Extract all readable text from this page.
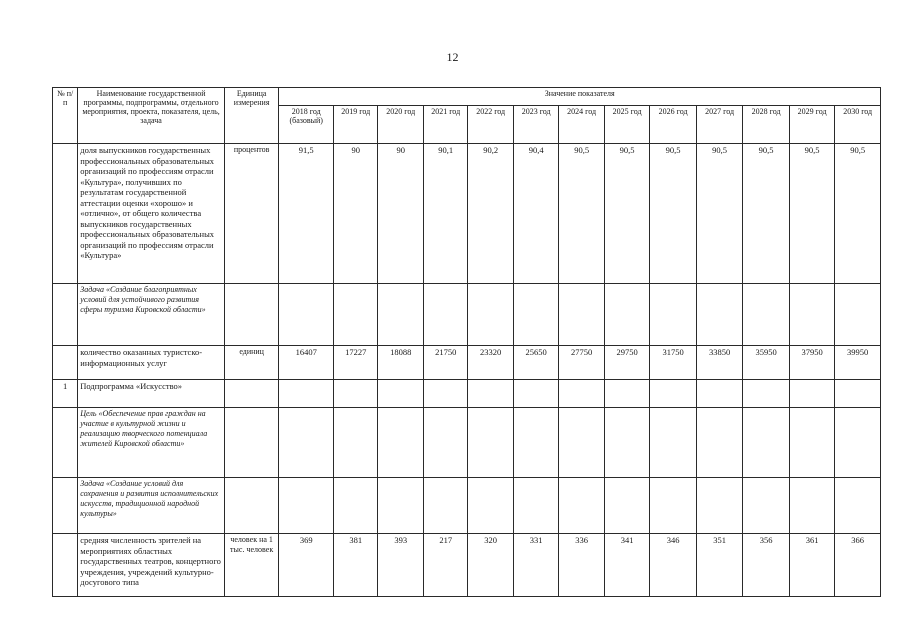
12
№ п/п	Наименование государственной программы, подпрограммы, отдельного мероприятия, проекта, показателя, цель, задача	Единица измерения	Значение показателя												
			2018 год (базовый)	2019 год	2020 год	2021 год	2022 год	2023 год	2024 год	2025 год	2026 год	2027 год	2028 год	2029 год	2030 год
	доля выпускников государственных профессиональных образовательных организаций по профессиям отрасли «Культура», получивших по результатам государственной аттестации оценки «хорошо» и «отлично», от общего количества выпускников государственных профессиональных образовательных организаций по профессиям отрасли «Культура»	процентов	91,5	90	90	90,1	90,2	90,4	90,5	90,5	90,5	90,5	90,5	90,5	90,5
	Задача «Создание благоприятных условий для устойчивого развития сферы туризма Кировской области»														
	количество оказанных туристско-информационных услуг	единиц	16407	17227	18088	21750	23320	25650	27750	29750	31750	33850	35950	37950	39950
1	Подпрограмма «Искусство»														
	Цель «Обеспечение прав граждан на участие в культурной жизни и реализацию творческого потенциала жителей Кировской области»														
	Задача «Создание условий для сохранения и развития исполнительских искусств, традиционной народной культуры»														
	средняя численность зрителей на мероприятиях областных государственных театров, концертного учреждения, учреждений культурно-досугового типа	человек на 1 тыс. человек	369	381	393	217	320	331	336	341	346	351	356	361	366
